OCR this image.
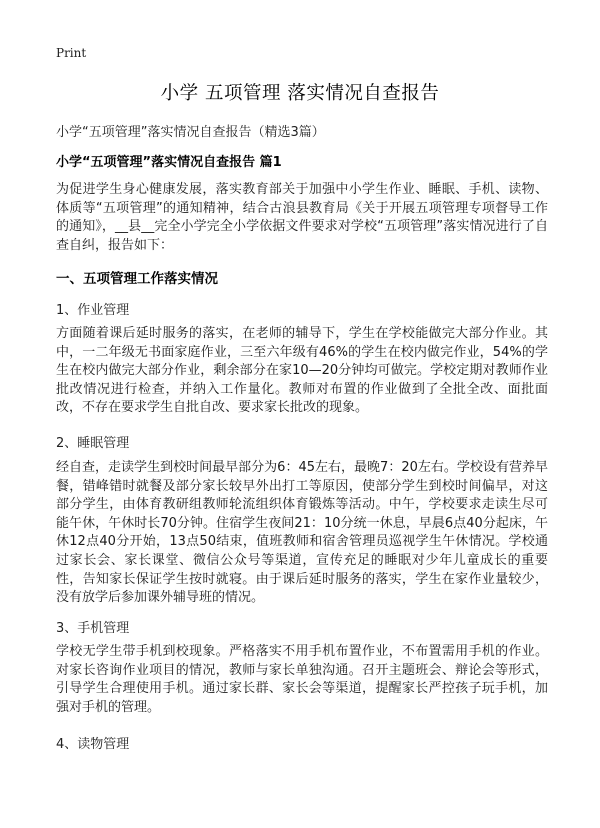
Print
小学 五项管理 落实情况自查报告
小学“五项管理”落实情况自查报告（精选3篇）
小学“五项管理”落实情况自查报告 篇1
为促进学生身心健康发展，落实教育部关于加强中小学生作业、睡眠、手机、读物、体质等“五项管理”的通知精神，结合古浪县教育局《关于开展五项管理专项督导工作的通知》，__县__完全小学完全小学依据文件要求对学校“五项管理”落实情况进行了自查自纠，报告如下：
一、五项管理工作落实情况
1、作业管理
方面随着课后延时服务的落实，在老师的辅导下，学生在学校能做完大部分作业。其中，一二年级无书面家庭作业，三至六年级有46%的学生在校内做完作业，54%的学生在校内做完大部分作业，剩余部分在家10—20分钟均可做完。学校定期对教师作业批改情况进行检查，并纳入工作量化。教师对布置的作业做到了全批全改、面批面改，不存在要求学生自批自改、要求家长批改的现象。
2、睡眠管理
经自查，走读学生到校时间最早部分为6：45左右，最晚7：20左右。学校设有营养早餐，错峰错时就餐及部分家长较早外出打工等原因，使部分学生到校时间偏早，对这部分学生，由体育教研组教师轮流组织体育锻炼等活动。中午，学校要求走读生尽可能午休，午休时长70分钟。住宿学生夜间21：10分统一休息，早晨6点40分起床，午休12点40分开始，13点50结束，值班教师和宿舍管理员巡视学生午休情况。学校通过家长会、家长课堂、微信公众号等渠道，宣传充足的睡眠对少年儿童成长的重要性，告知家长保证学生按时就寝。由于课后延时服务的落实，学生在家作业量较少，没有放学后参加课外辅导班的情况。
3、手机管理
学校无学生带手机到校现象。严格落实不用手机布置作业，不布置需用手机的作业。对家长咨询作业项目的情况，教师与家长单独沟通。召开主题班会、辩论会等形式，引导学生合理使用手机。通过家长群、家长会等渠道，提醒家长严控孩子玩手机，加强对手机的管理。
4、读物管理
